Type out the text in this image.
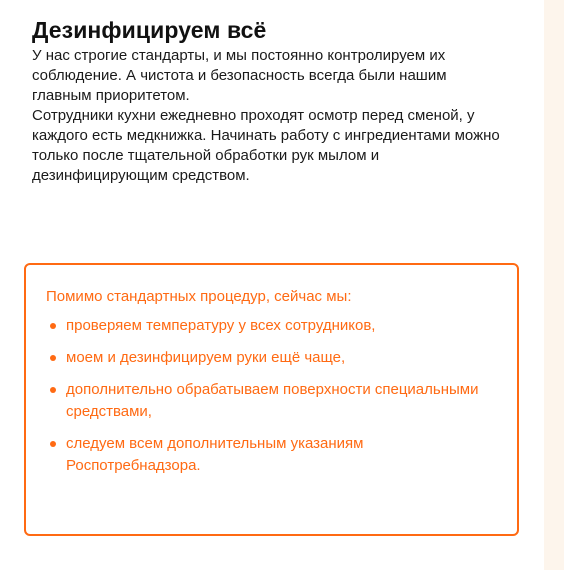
Дезинфицируем всё

У нас строгие стандарты, и мы постоянно контролируем их соблюдение. А чистота и безопасность всегда были нашим главным приоритетом.

Сотрудники кухни ежедневно проходят осмотр перед сменой, у каждого есть медкнижка. Начинать работу с ингредиентами можно только после тщательной обработки рук мылом и дезинфицирующим средством.

Помимо стандартных процедур, сейчас мы:

проверяем температуру у всех сотрудников,
моем и дезинфицируем руки ещё чаще,
дополнительно обрабатываем поверхности специальными средствами,
следуем всем дополнительным указаниям Роспотребнадзора.
